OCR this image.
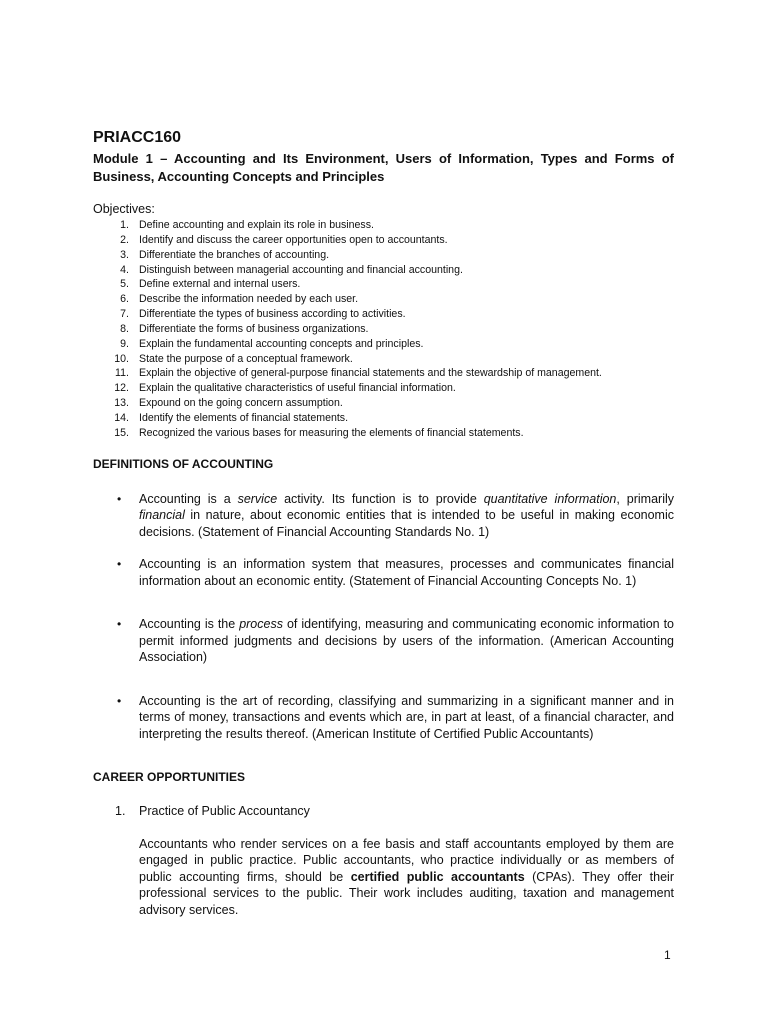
PRIACC160
Module 1 – Accounting and Its Environment, Users of Information, Types and Forms of Business, Accounting Concepts and Principles
Objectives:
1. Define accounting and explain its role in business.
2. Identify and discuss the career opportunities open to accountants.
3. Differentiate the branches of accounting.
4. Distinguish between managerial accounting and financial accounting.
5. Define external and internal users.
6. Describe the information needed by each user.
7. Differentiate the types of business according to activities.
8. Differentiate the forms of business organizations.
9. Explain the fundamental accounting concepts and principles.
10. State the purpose of a conceptual framework.
11. Explain the objective of general-purpose financial statements and the stewardship of management.
12. Explain the qualitative characteristics of useful financial information.
13. Expound on the going concern assumption.
14. Identify the elements of financial statements.
15. Recognized the various bases for measuring the elements of financial statements.
DEFINITIONS OF ACCOUNTING
• Accounting is a service activity. Its function is to provide quantitative information, primarily financial in nature, about economic entities that is intended to be useful in making economic decisions. (Statement of Financial Accounting Standards No. 1)
• Accounting is an information system that measures, processes and communicates financial information about an economic entity. (Statement of Financial Accounting Concepts No. 1)
• Accounting is the process of identifying, measuring and communicating economic information to permit informed judgments and decisions by users of the information. (American Accounting Association)
• Accounting is the art of recording, classifying and summarizing in a significant manner and in terms of money, transactions and events which are, in part at least, of a financial character, and interpreting the results thereof. (American Institute of Certified Public Accountants)
CAREER OPPORTUNITIES
1.	Practice of Public Accountancy
Accountants who render services on a fee basis and staff accountants employed by them are engaged in public practice. Public accountants, who practice individually or as members of public accounting firms, should be certified public accountants (CPAs). They offer their professional services to the public. Their work includes auditing, taxation and management advisory services.
1
